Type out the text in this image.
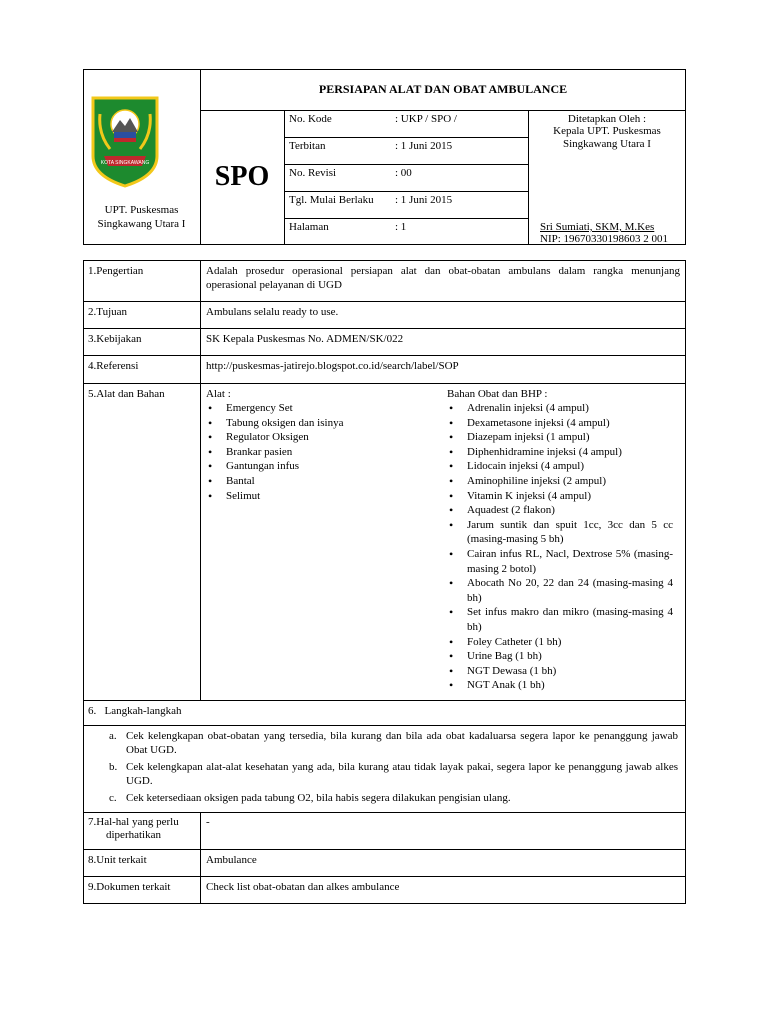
KOTA SINGKAWANG
UPT. Puskesmas
Singkawang Utara I
PERSIAPAN ALAT DAN OBAT AMBULANCE
SPO
No. Kode	: UKP / SPO /
Terbitan	: 1 Juni 2015
No. Revisi	: 00
Tgl. Mulai Berlaku : 1 Juni 2015
Halaman	: 1
Ditetapkan Oleh :
Kepala UPT. Puskesmas
Singkawang Utara I
Sri Sumiati, SKM, M.Kes
NIP: 19670330198603 2 001
1.Pengertian	Adalah prosedur operasional persiapan alat dan obat-obatan ambulans dalam rangka menunjang operasional pelayanan di UGD
2.Tujuan	Ambulans selalu ready to use.
3.Kebijakan	SK Kepala Puskesmas No. ADMEN/SK/022
4.Referensi	http://puskesmas-jatirejo.blogspot.co.id/search/label/SOP
5.Alat dan Bahan	Alat :
• Emergency Set
• Tabung oksigen dan isinya
• Regulator Oksigen
• Brankar pasien
• Gantungan infus
• Bantal
• Selimut
Bahan Obat dan BHP :
• Adrenalin injeksi (4 ampul)
• Dexametasone injeksi (4 ampul)
• Diazepam injeksi (1 ampul)
• Diphenhidramine injeksi (4 ampul)
• Lidocain injeksi (4 ampul)
• Aminophiline injeksi (2 ampul)
• Vitamin K injeksi (4 ampul)
• Aquadest (2 flakon)
• Jarum suntik dan spuit 1cc, 3cc dan 5 cc (masing-masing 5 bh)
• Cairan infus RL, Nacl, Dextrose 5% (masing-masing 2 botol)
• Abocath No 20, 22 dan 24 (masing-masing 4 bh)
• Set infus makro dan mikro (masing-masing 4 bh)
• Foley Catheter (1 bh)
• Urine Bag (1 bh)
• NGT Dewasa (1 bh)
• NGT Anak (1 bh)
6.   Langkah-langkah
a. Cek kelengkapan obat-obatan yang tersedia, bila kurang dan bila ada obat kadaluarsa segera lapor ke penanggung jawab Obat UGD.
b. Cek kelengkapan alat-alat kesehatan yang ada, bila kurang atau tidak layak pakai, segera lapor ke penanggung jawab alkes UGD.
c. Cek ketersediaan oksigen pada tabung O2, bila habis segera dilakukan pengisian ulang.
7.Hal-hal yang perlu
diperhatikan
-
8.Unit terkait	Ambulance
9.Dokumen terkait	Check list obat-obatan dan alkes ambulance
